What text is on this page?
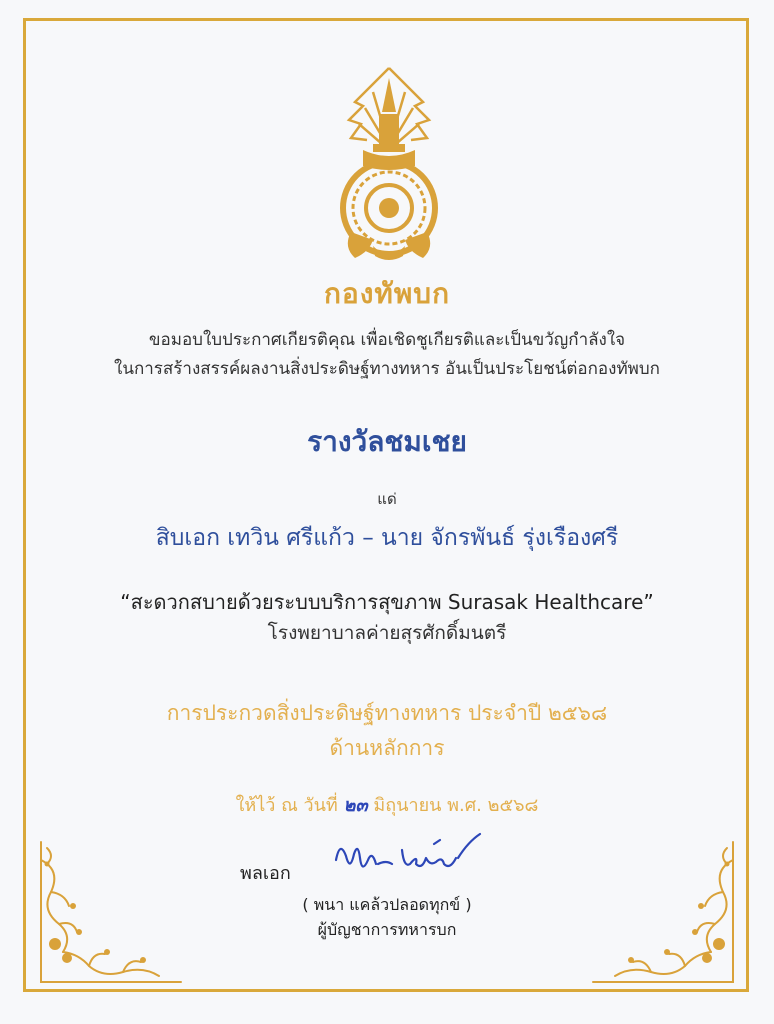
กองทัพบก
ขอมอบใบประกาศเกียรติคุณ เพื่อเชิดชูเกียรติและเป็นขวัญกำลังใจ
ในการสร้างสรรค์ผลงานสิ่งประดิษฐ์ทางทหาร อันเป็นประโยชน์ต่อกองทัพบก
รางวัลชมเชย
แด่
สิบเอก เทวิน ศรีแก้ว – นาย จักรพันธ์ รุ่งเรืองศรี
“สะดวกสบายด้วยระบบบริการสุขภาพ Surasak Healthcare”
โรงพยาบาลค่ายสุรศักดิ์มนตรี
การประกวดสิ่งประดิษฐ์ทางทหาร ประจำปี ๒๕๖๘
ด้านหลักการ
ให้ไว้ ณ วันที่ ๒๓ มิถุนายน พ.ศ. ๒๕๖๘
พลเอก
( พนา แคล้วปลอดทุกข์ )
ผู้บัญชาการทหารบก
